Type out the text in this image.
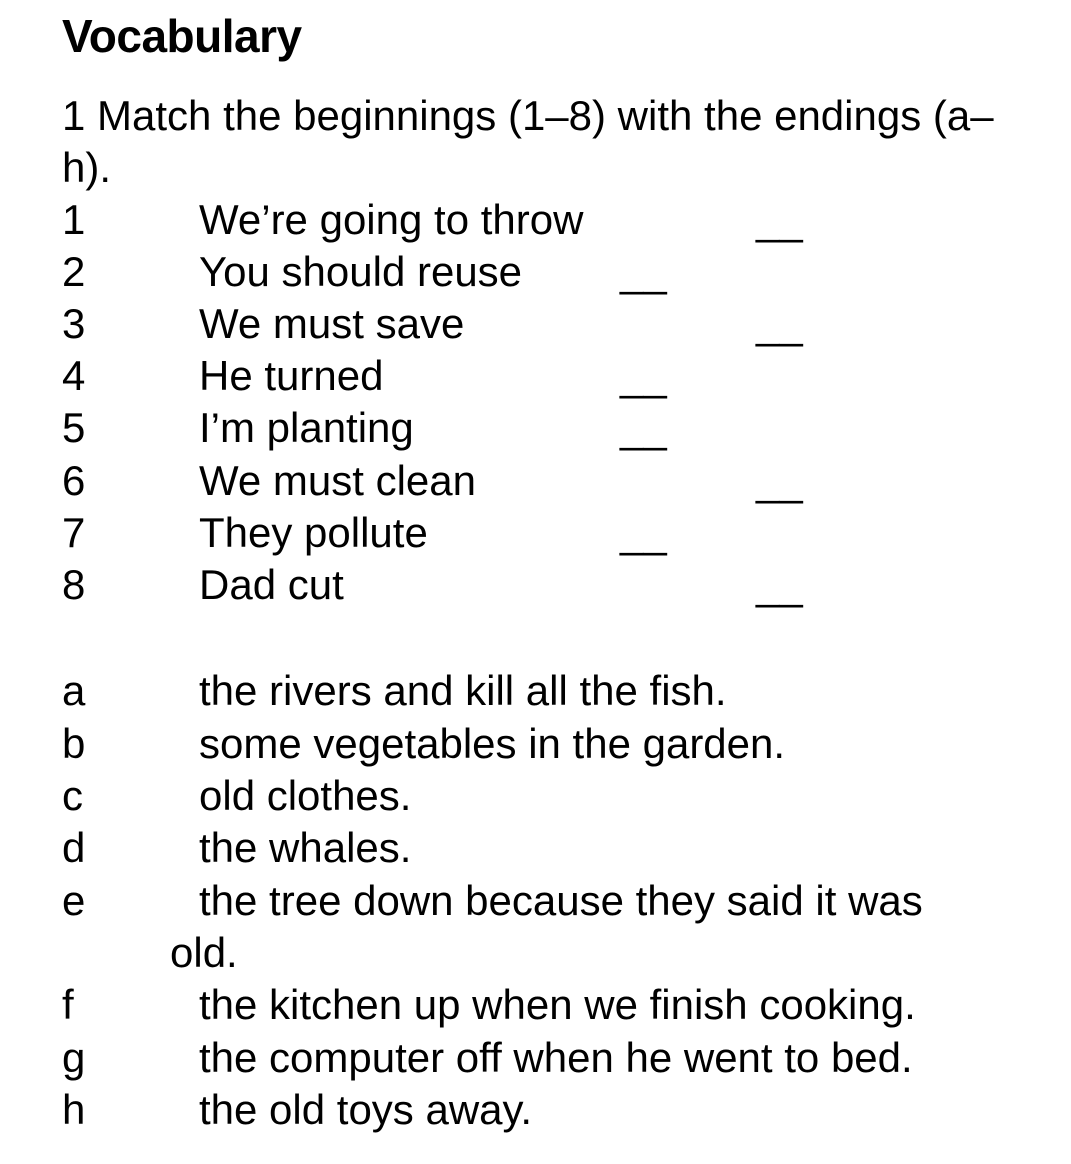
Vocabulary
1 Match the beginnings (1–8) with the endings (a–h).
1	We’re going to throw	__
2	You should reuse __
3	We must save	__
4	He turned	__
5	I’m planting	__
6	We must clean	__
7	They pollute	__
8	Dad cut	__
a	the rivers and kill all the fish.
b	some vegetables in the garden.
c	old clothes.
d	the whales.
e	the tree down because they said it was
old.
f	the kitchen up when we finish cooking.
g	the computer off when he went to bed.
h	the old toys away.
